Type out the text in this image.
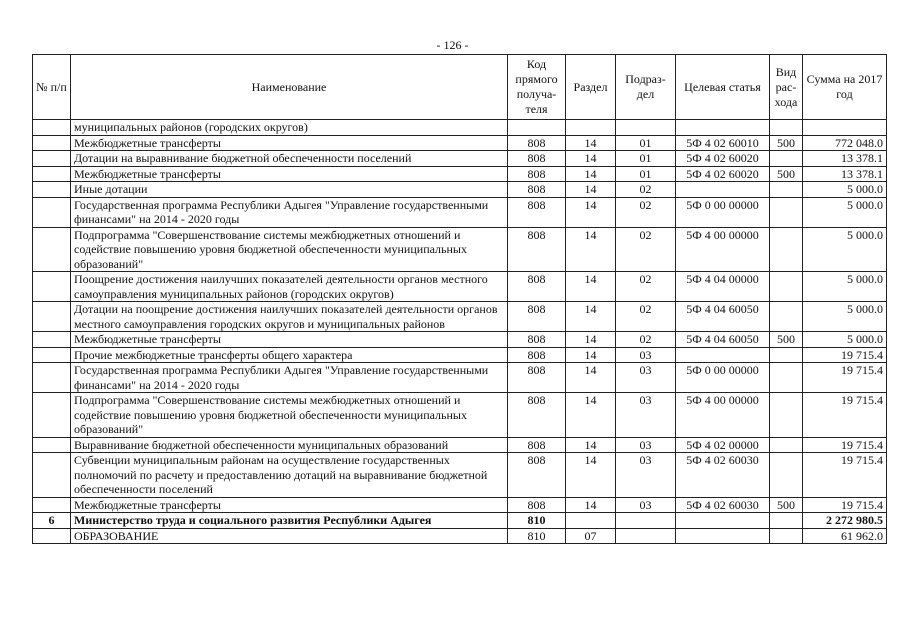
- 126 -
№ п/п	Наименование	Код прямого получа-теля	Раздел	Подраз-дел	Целевая статья	Вид рас-хода	Сумма на 2017 год
	муниципальных районов (городских округов)						
	Межбюджетные трансферты	808	14	01	5Ф 4 02 60010	500	772 048.0
	Дотации на выравнивание бюджетной обеспеченности поселений	808	14	01	5Ф 4 02 60020		13 378.1
	Межбюджетные трансферты	808	14	01	5Ф 4 02 60020	500	13 378.1
	Иные дотации	808	14	02			5 000.0
	Государственная программа Республики Адыгея "Управление государственными финансами" на 2014 - 2020 годы	808	14	02	5Ф 0 00 00000		5 000.0
	Подпрограмма "Совершенствование системы межбюджетных отношений и содействие повышению уровня бюджетной обеспеченности муниципальных образований"	808	14	02	5Ф 4 00 00000		5 000.0
	Поощрение достижения наилучших показателей деятельности органов местного самоуправления муниципальных районов (городских округов)	808	14	02	5Ф 4 04 00000		5 000.0
	Дотации на поощрение достижения наилучших показателей деятельности органов местного самоуправления городских округов и муниципальных районов	808	14	02	5Ф 4 04 60050		5 000.0
	Межбюджетные трансферты	808	14	02	5Ф 4 04 60050	500	5 000.0
	Прочие межбюджетные трансферты общего характера	808	14	03			19 715.4
	Государственная программа Республики Адыгея "Управление государственными финансами" на 2014 - 2020 годы	808	14	03	5Ф 0 00 00000		19 715.4
	Подпрограмма "Совершенствование системы межбюджетных отношений и содействие повышению уровня бюджетной обеспеченности муниципальных образований"	808	14	03	5Ф 4 00 00000		19 715.4
	Выравнивание бюджетной обеспеченности муниципальных образований	808	14	03	5Ф 4 02 00000		19 715.4
	Субвенции муниципальным районам на осуществление государственных полномочий по расчету и предоставлению дотаций на выравнивание бюджетной обеспеченности поселений	808	14	03	5Ф 4 02 60030		19 715.4
	Межбюджетные трансферты	808	14	03	5Ф 4 02 60030	500	19 715.4
6	Министерство труда и социального развития Республики Адыгея	810					2 272 980.5
	ОБРАЗОВАНИЕ	810	07				61 962.0
